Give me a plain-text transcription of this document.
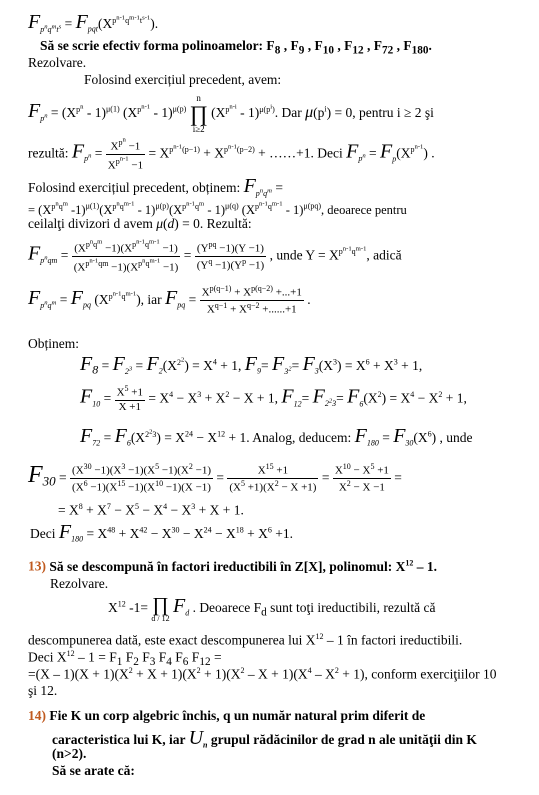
$F_{p^nq^mt^s} = F_{pqt}(X^{p^{n-1}q^{m-1}t^{s-1}})$.
Să se scrie efectiv forma polinoamelor: $F_8$ , $F_9$ , $F_{10}$ , $F_{12}$ , $F_{72}$ , $F_{180}$.
Rezolvare.
Folosind exercițiul precedent, avem:
$F_{p^n} = (X^{p^n} - 1)^{\mu(1)}$ $(X^{p^{n-1}} - 1)^{\mu(p)}$ n
∏
i≥2 $(X^{p^{n-i}} - 1)^{\mu(p^i)}$. Dar $\mu(p^i) = 0$, pentru i ≥ 2 şi
rezultă: $F_{p^n} = \frac{X^{p^n} -1}{X^{p^{n-1}} -1} = X^{p^{n-1}(p-1)} + X^{p^{n-1}(p-2)}$ + ……+1. Deci $F_{p^n} = F_p(X^{p^{n-1}})$ .
Folosind exercițiul precedent, obținem: $F_{p^nq^m}$ =
= ($X^{p^nq^m}$ $-1)^{\mu(1)}(X^{p^nq^{m-1}} - 1)^{\mu(p)}(X^{p^{n-1}q^m} - 1)^{\mu(q)}$ $(X^{p^{n-1}q^{m-1}} - 1)^{\mu(pq)}$, deoarece pentru
ceilalţi divizori d avem μ(d) = 0. Rezultă:
$F_{p^nqm} = \frac{(X^{p^nq^m} -1)(X^{p^{n-1}q^{m-1}} -1)}{(X^{p^{n-1}qm} -1)(X^{p^nq^{m-1}} -1)} = \frac{(Y^{pq} -1)(Y -1)}{(Y^q -1)(Y^p -1)}$ , unde $Y = X^{p^{n-1}q^{m-1}}$, adică
$F_{p^nq^m} = F_{pq}$ $(X^{p^{n-1}q^{m-1}})$, iar $F_{pq} = \frac{X^{p(q-1)} + X^{p(q-2)} +...+1}{X^{q-1} + X^{q-2} +......+1}$ .
Obținem:
$F8 = F_{2^3} = F_2(X^{2^2}) = X^4 + 1$, $F_9= F_{3^2}= F_3(X^3) = X^6 + X^3 + 1$,
$F_{10} = \frac{X^5 +1}{X +1} = X^4 - X^3 + X^2 - X + 1$, $F_{12}= F_{2^23}= F_6(X^2) = X^4 - X^2 + 1$,
$F_{72} = F_6(X^{2^23}) = X^{24} - X^{12} + 1$. Analog, deducem: $F_{180} = F_{30}(X^6)$ , unde
$F30 = \frac{(X^{30} -1)(X^3 -1)(X^5 -1)(X^2 -1)}{(X^6 -1)(X^{15} -1)(X^{10} -1)(X -1)} = \frac{X^{15} +1}{(X^5 +1)(X^2 - X +1)} = \frac{X^{10} - X^5 +1}{X^2 - X -1}$ =
= $X^8 + X^7 - X^5 - X^4 - X^3 + X + 1$.
Deci $F_{180} = X^{48} + X^{42} - X^{30} - X^{24} - X^{18} + X^6 +1$.
13) Să se descompună în factori ireductibili în Z[X], polinomul: $X^{12} - 1$.
Rezolvare.
$X^{12}$ -1= ∏
d / 12 $F_d$ . Deoarece $F_d$ sunt toţi ireductibili, rezultă că
descompunerea dată, este exact descompunerea lui $X^{12} - 1$ în factori ireductibili.
Deci $X^{12} - 1 = F_1$ $F_2$ $F_3$ $F_4$ $F_6$ $F_{12}$ =
$=(X - 1)(X + 1)(X^2 + X + 1)(X^2 + 1)(X^2 - X + 1)(X^4 - X^2 + 1)$, conform exerciţiilor 10
şi 12.
14) Fie K un corp algebric închis, q un număr natural prim diferit de
caracteristica lui K, iar $U_n$ grupul rădăcinilor de grad n ale unităţii din K
(n>2).
Să se arate că:
